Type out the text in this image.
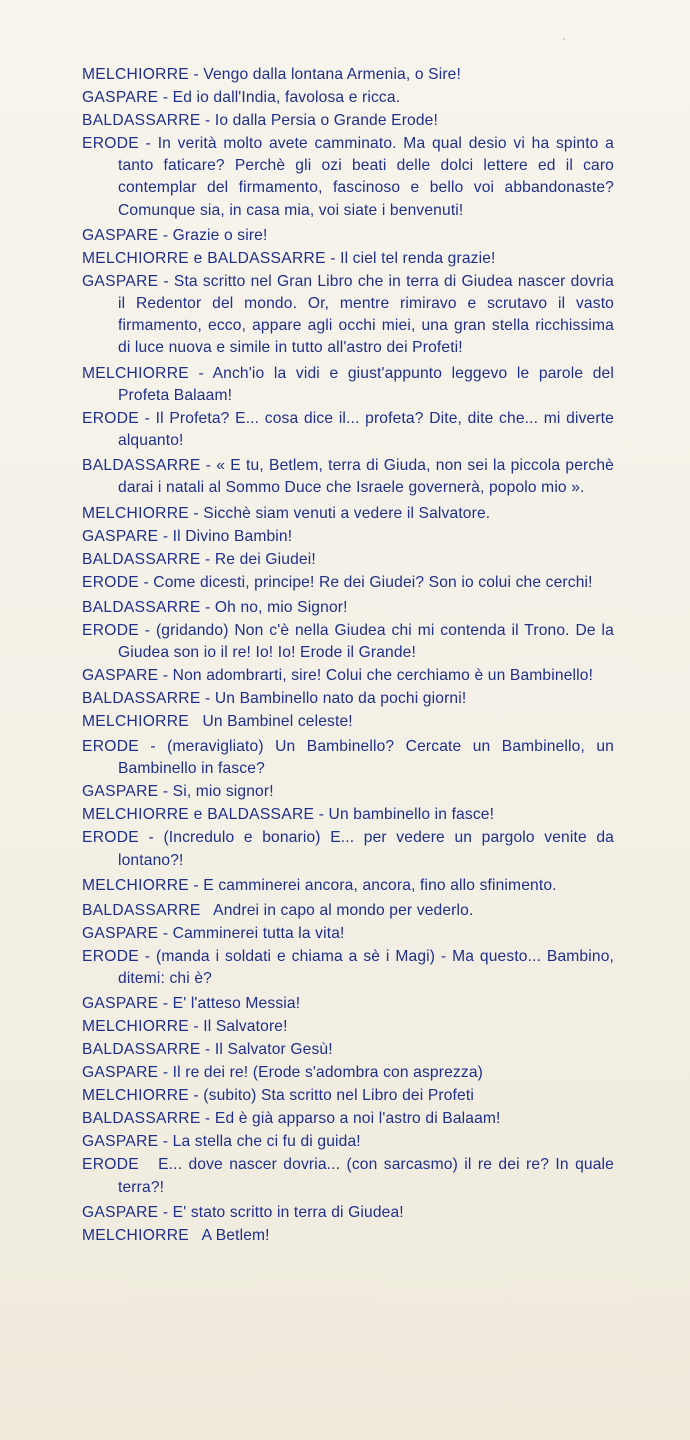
MELCHIORRE - Vengo dalla lontana Armenia, o Sire!

GASPARE - Ed io dall'India, favolosa e ricca.

BALDASSARRE - Io dalla Persia o Grande Erode!

ERODE - In verità molto avete camminato. Ma qual desio vi ha spinto a tanto faticare? Perchè gli ozi beati delle dolci lettere ed il caro contemplar del firmamento, fascinoso e bello voi abbandonaste? Comunque sia, in casa mia, voi siate i benvenuti!

GASPARE - Grazie o sire!

MELCHIORRE e BALDASSARRE - Il ciel tel renda grazie!

GASPARE - Sta scritto nel Gran Libro che in terra di Giudea nascer dovria il Redentor del mondo. Or, mentre rimiravo e scrutavo il vasto firmamento, ecco, appare agli occhi miei, una gran stella ricchissima di luce nuova e simile in tutto all'astro dei Profeti!

MELCHIORRE - Anch'io la vidi e giust'appunto leggevo le parole del Profeta Balaam!

ERODE - Il Profeta? E... cosa dice il... profeta? Dite, dite che... mi diverte alquanto!

BALDASSARRE - « E tu, Betlem, terra di Giuda, non sei la piccola perchè darai i natali al Sommo Duce che Israele governerà, popolo mio ».

MELCHIORRE - Sicchè siam venuti a vedere il Salvatore.

GASPARE - Il Divino Bambin!

BALDASSARRE - Re dei Giudei!

ERODE - Come dicesti, principe! Re dei Giudei? Son io colui che cerchi!

BALDASSARRE - Oh no, mio Signor!

ERODE - (gridando) Non c'è nella Giudea chi mi contenda il Trono. De la Giudea son io il re! Io! Io! Erode il Grande!

GASPARE - Non adombrarti, sire! Colui che cerchiamo è un Bambinello!

BALDASSARRE - Un Bambinello nato da pochi giorni!

MELCHIORRE Un Bambinel celeste!

ERODE - (meravigliato) Un Bambinello? Cercate un Bambinello, un Bambinello in fasce?

GASPARE - Si, mio signor!

MELCHIORRE e BALDASSARE - Un bambinello in fasce!

ERODE - (Incredulo e bonario) E... per vedere un pargolo venite da lontano?!

MELCHIORRE - E camminerei ancora, ancora, fino allo sfinimento.

BALDASSARRE Andrei in capo al mondo per vederlo.

GASPARE - Camminerei tutta la vita!

ERODE - (manda i soldati e chiama a sè i Magi) - Ma questo... Bambino, ditemi: chi è?

GASPARE - E' l'atteso Messia!

MELCHIORRE - Il Salvatore!

BALDASSARRE - Il Salvator Gesù!

GASPARE - Il re dei re! (Erode s'adombra con asprezza)

MELCHIORRE - (subito) Sta scritto nel Libro dei Profeti

BALDASSARRE - Ed è già apparso a noi l'astro di Balaam!

GASPARE - La stella che ci fu di guida!

ERODE E... dove nascer dovria... (con sarcasmo) il re dei re? In quale terra?!

GASPARE - E' stato scritto in terra di Giudea!

MELCHIORRE A Betlem!
